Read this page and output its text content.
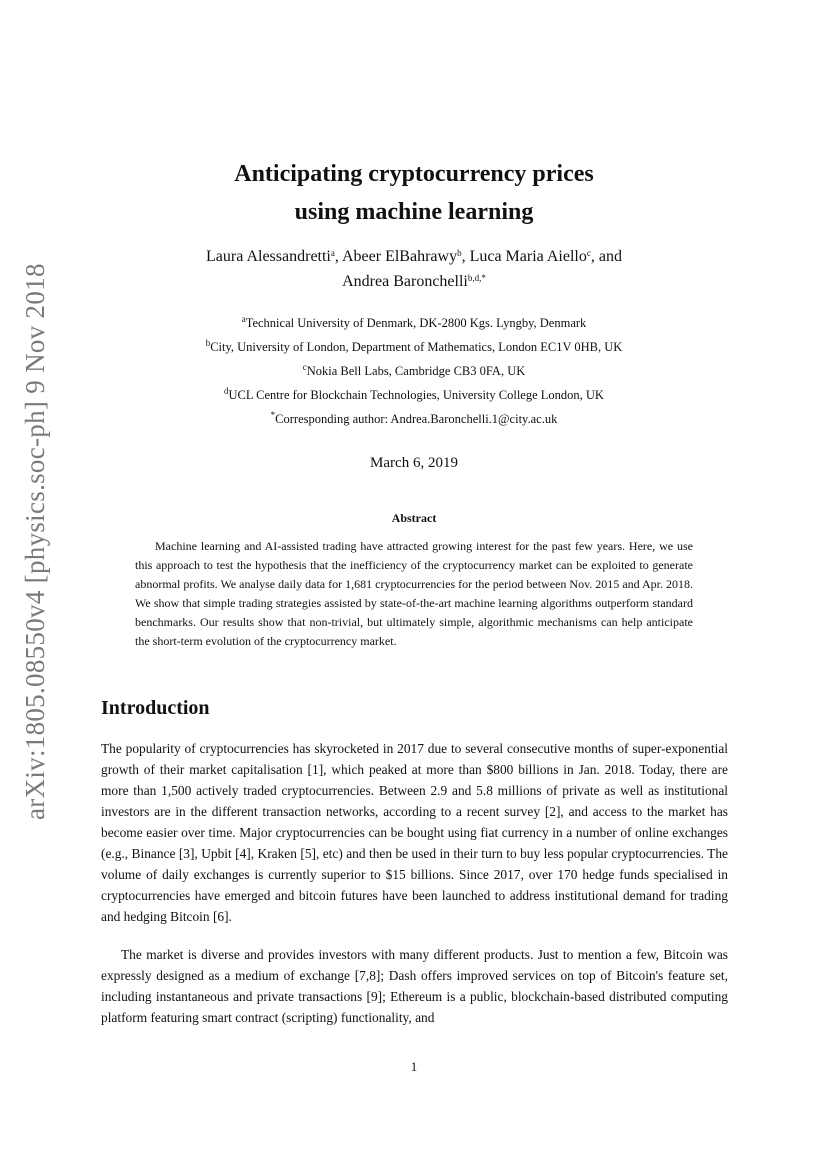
arXiv:1805.08550v4 [physics.soc-ph] 9 Nov 2018
Anticipating cryptocurrency prices
using machine learning
Laura Alessandretti$^a$, Abeer ElBahrawy$^b$, Luca Maria Aiello$^c$, and
Andrea Baronchelli$^{b,d,*}$
$^a$Technical University of Denmark, DK-2800 Kgs. Lyngby, Denmark
$^b$City, University of London, Department of Mathematics, London EC1V 0HB, UK
$^c$Nokia Bell Labs, Cambridge CB3 0FA, UK
$^d$UCL Centre for Blockchain Technologies, University College London, UK
*Corresponding author: Andrea.Baronchelli.1@city.ac.uk
March 6, 2019
Abstract
Machine learning and AI-assisted trading have attracted growing interest for the past few years. Here, we use this approach to test the hypothesis that the inefficiency of the cryptocurrency market can be exploited to generate abnormal profits. We analyse daily data for 1,681 cryptocurrencies for the period between Nov. 2015 and Apr. 2018. We show that simple trading strategies assisted by state-of-the-art machine learning algorithms outperform standard benchmarks. Our results show that non-trivial, but ultimately simple, algorithmic mechanisms can help anticipate the short-term evolution of the cryptocurrency market.
Introduction
The popularity of cryptocurrencies has skyrocketed in 2017 due to several consecutive months of super-exponential growth of their market capitalisation [1], which peaked at more than $800 billions in Jan. 2018. Today, there are more than 1,500 actively traded cryptocurrencies. Between 2.9 and 5.8 millions of private as well as institutional investors are in the different transaction networks, according to a recent survey [2], and access to the market has become easier over time. Major cryptocurrencies can be bought using fiat currency in a number of online exchanges (e.g., Binance [3], Upbit [4], Kraken [5], etc) and then be used in their turn to buy less popular cryptocurrencies. The volume of daily exchanges is currently superior to $15 billions. Since 2017, over 170 hedge funds specialised in cryptocurrencies have emerged and bitcoin futures have been launched to address institutional demand for trading and hedging Bitcoin [6].
The market is diverse and provides investors with many different products. Just to mention a few, Bitcoin was expressly designed as a medium of exchange [7,8]; Dash offers improved services on top of Bitcoin's feature set, including instantaneous and private transactions [9]; Ethereum is a public, blockchain-based distributed computing platform featuring smart contract (scripting) functionality, and
1
